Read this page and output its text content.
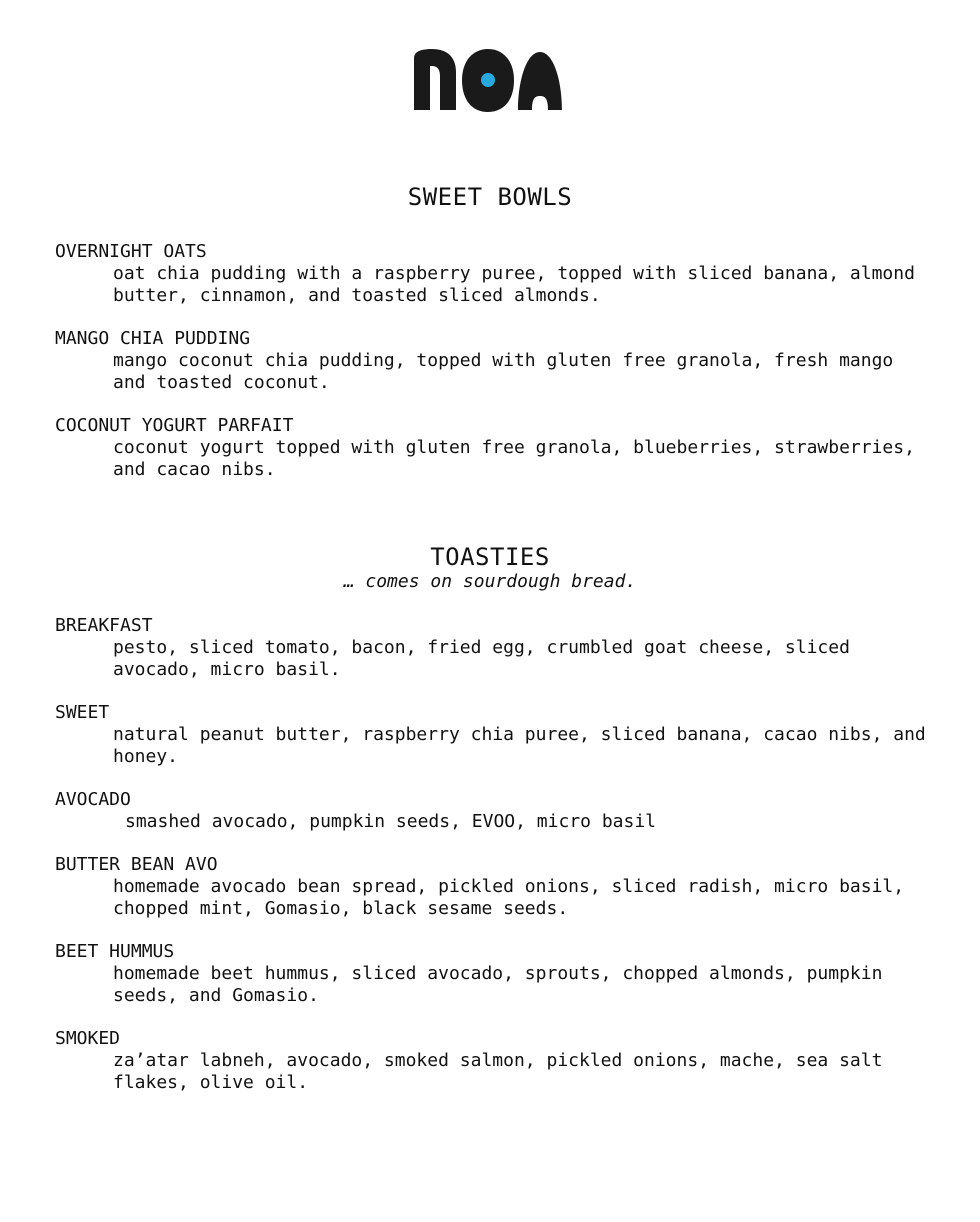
SWEET BOWLS

OVERNIGHT OATS

oat chia pudding with a raspberry puree, topped with sliced banana, almond butter, cinnamon, and toasted sliced almonds.

MANGO CHIA PUDDING

mango coconut chia pudding, topped with gluten free granola, fresh mango and toasted coconut.

COCONUT YOGURT PARFAIT

coconut yogurt topped with gluten free granola, blueberries, strawberries, and cacao nibs.

TOASTIES
… comes on sourdough bread.

BREAKFAST

pesto, sliced tomato, bacon, fried egg, crumbled goat cheese, sliced avocado, micro basil.

SWEET

natural peanut butter, raspberry chia puree, sliced banana, cacao nibs, and honey.

AVOCADO

smashed avocado, pumpkin seeds, EVOO, micro basil

BUTTER BEAN AVO

homemade avocado bean spread, pickled onions, sliced radish, micro basil, chopped mint, Gomasio, black sesame seeds.

BEET HUMMUS

homemade beet hummus, sliced avocado, sprouts, chopped almonds, pumpkin seeds, and Gomasio.

SMOKED

za’atar labneh, avocado, smoked salmon, pickled onions, mache, sea salt flakes, olive oil.
